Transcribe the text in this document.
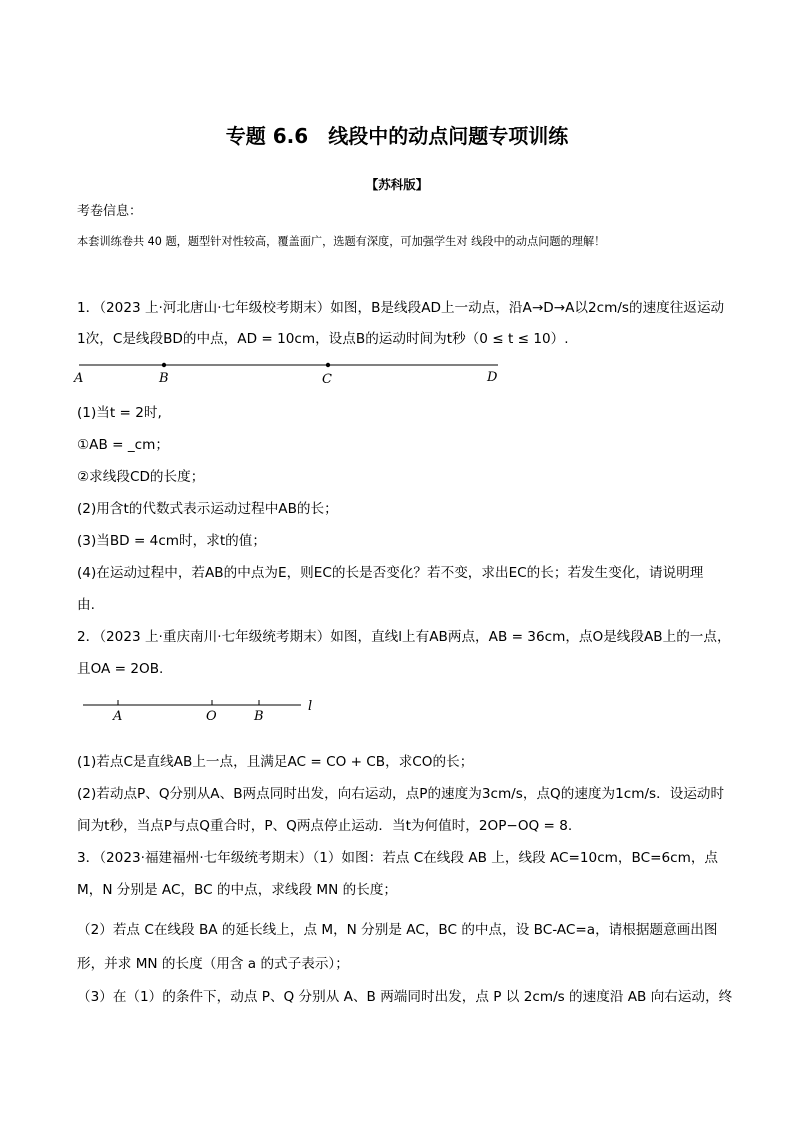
专题 6.6　线段中的动点问题专项训练
【苏科版】
考卷信息：
本套训练卷共 40 题，题型针对性较高，覆盖面广，选题有深度，可加强学生对 线段中的动点问题的理解！
1．（2023 上·河北唐山·七年级校考期末）如图，B是线段AD上一动点，沿A→D→A以2cm/s的速度往返运动
1次，C是线段BD的中点，AD = 10cm，设点B的运动时间为t秒（0 ≤ t ≤ 10）.
A	B	C	D
(1)当t = 2时,
①AB = _cm；
②求线段CD的长度；
(2)用含t的代数式表示运动过程中AB的长；
(3)当BD = 4cm时，求t的值；
(4)在运动过程中，若AB的中点为E，则EC的长是否变化？若不变，求出EC的长；若发生变化，请说明理
由.
2．（2023 上·重庆南川·七年级统考期末）如图，直线l上有AB两点，AB = 36cm，点O是线段AB上的一点，
且OA = 2OB.
A	O	B
l
(1)若点C是直线AB上一点，且满足AC = CO + CB，求CO的长；
(2)若动点P、Q分别从A、B两点同时出发，向右运动，点P的速度为3cm/s，点Q的速度为1cm/s．设运动时
间为t秒，当点P与点Q重合时，P、Q两点停止运动．当t为何值时，2OP−OQ = 8.
3．（2023·福建福州·七年级统考期末）（1）如图：若点 C在线段 AB 上，线段 AC=10cm，BC=6cm，点
M，N 分别是 AC，BC 的中点，求线段 MN 的长度；
（2）若点 C在线段 BA 的延长线上，点 M，N 分别是 AC，BC 的中点，设 BC-AC=a，请根据题意画出图
形，并求 MN 的长度（用含 a 的式子表示）；
（3）在（1）的条件下，动点 P、Q 分别从 A、B 两端同时出发，点 P 以 2cm/s 的速度沿 AB 向右运动，终
